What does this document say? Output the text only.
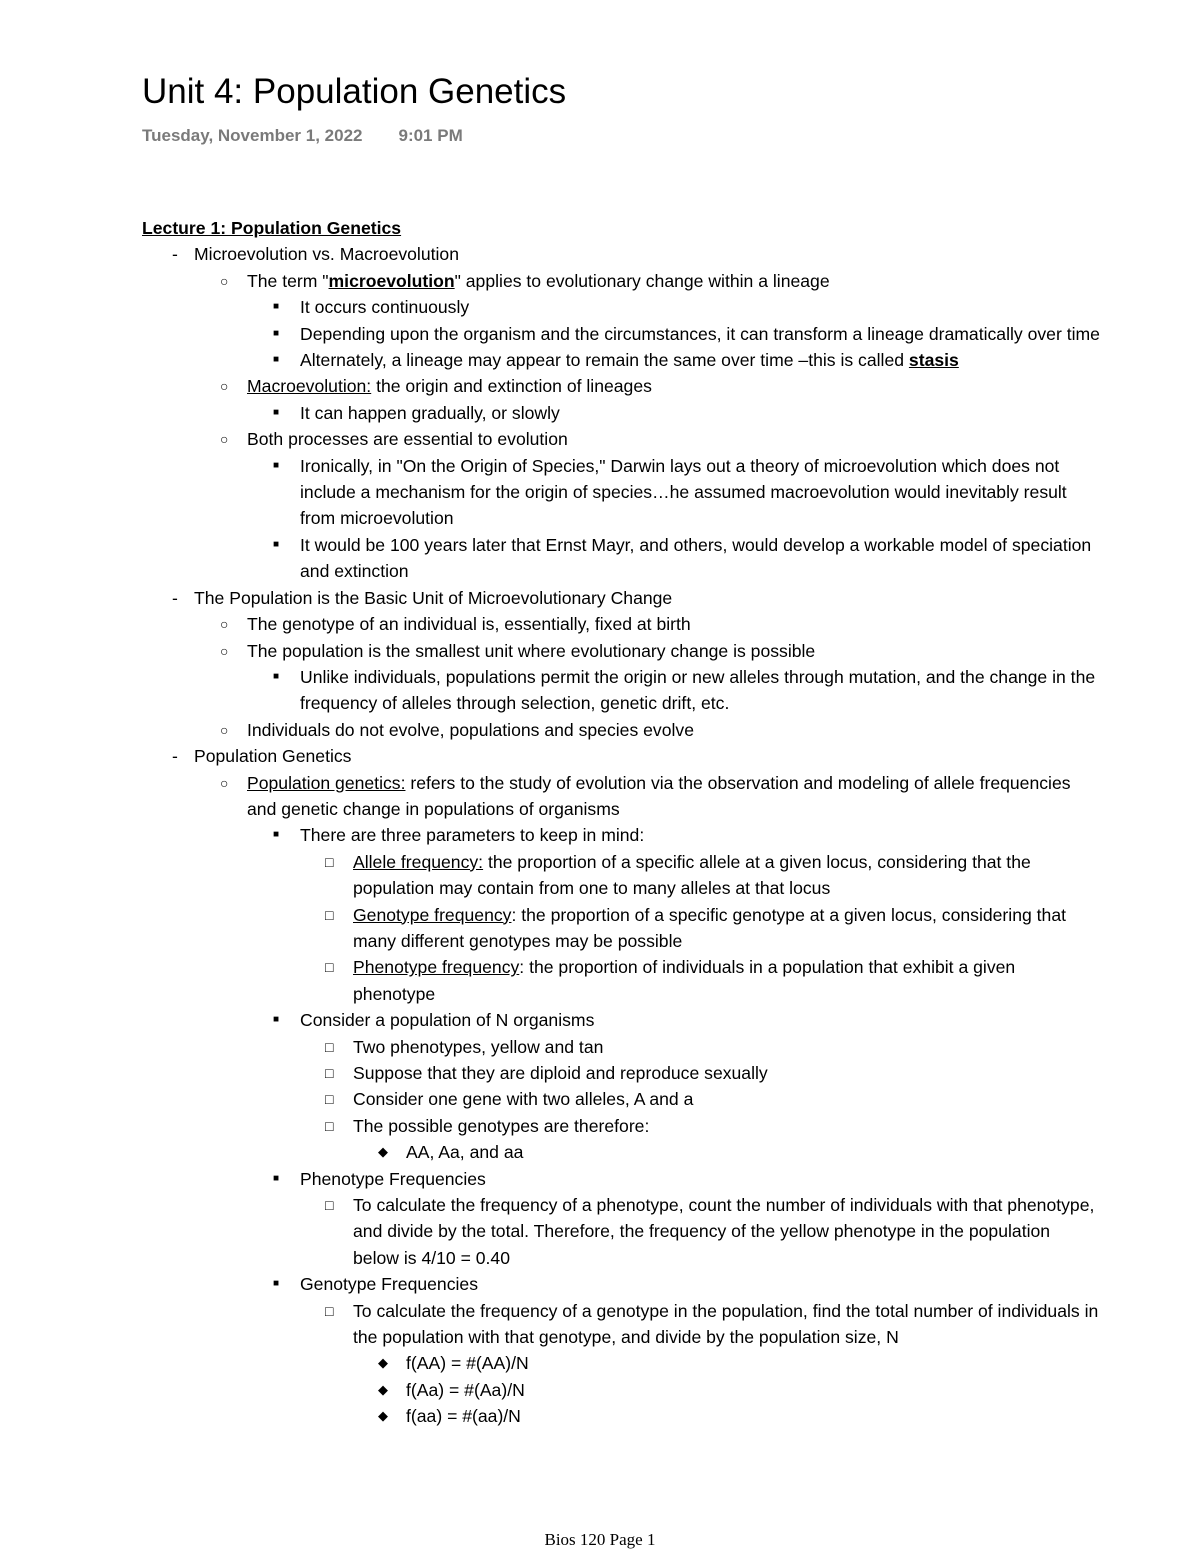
Unit 4: Population Genetics
Tuesday, November 1, 2022 9:01 PM
Lecture 1: Population Genetics
- Microevolution vs. Macroevolution
○ The term "microevolution" applies to evolutionary change within a lineage
■ It occurs continuously
■ Depending upon the organism and the circumstances, it can transform a lineage dramatically over time
■ Alternately, a lineage may appear to remain the same over time –this is called stasis
○ Macroevolution: the origin and extinction of lineages
■ It can happen gradually, or slowly
○ Both processes are essential to evolution
■ Ironically, in "On the Origin of Species," Darwin lays out a theory of microevolution which does not include a mechanism for the origin of species…he assumed macroevolution would inevitably result from microevolution
■ It would be 100 years later that Ernst Mayr, and others, would develop a workable model of speciation and extinction
- The Population is the Basic Unit of Microevolutionary Change
○ The genotype of an individual is, essentially, fixed at birth
○ The population is the smallest unit where evolutionary change is possible
■ Unlike individuals, populations permit the origin or new alleles through mutation, and the change in the frequency of alleles through selection, genetic drift, etc.
○ Individuals do not evolve, populations and species evolve
- Population Genetics
○ Population genetics: refers to the study of evolution via the observation and modeling of allele frequencies and genetic change in populations of organisms
■ There are three parameters to keep in mind:
□ Allele frequency: the proportion of a specific allele at a given locus, considering that the population may contain from one to many alleles at that locus
□ Genotype frequency: the proportion of a specific genotype at a given locus, considering that many different genotypes may be possible
□ Phenotype frequency: the proportion of individuals in a population that exhibit a given phenotype
■ Consider a population of N organisms
□ Two phenotypes, yellow and tan
□ Suppose that they are diploid and reproduce sexually
□ Consider one gene with two alleles, A and a
□ The possible genotypes are therefore:
◆ AA, Aa, and aa
■ Phenotype Frequencies
□ To calculate the frequency of a phenotype, count the number of individuals with that phenotype, and divide by the total. Therefore, the frequency of the yellow phenotype in the population below is 4/10 = 0.40
■ Genotype Frequencies
□ To calculate the frequency of a genotype in the population, find the total number of individuals in the population with that genotype, and divide by the population size, N
◆ f(AA) = #(AA)/N
◆ f(Aa) = #(Aa)/N
◆ f(aa) = #(aa)/N
Bios 120 Page 1
